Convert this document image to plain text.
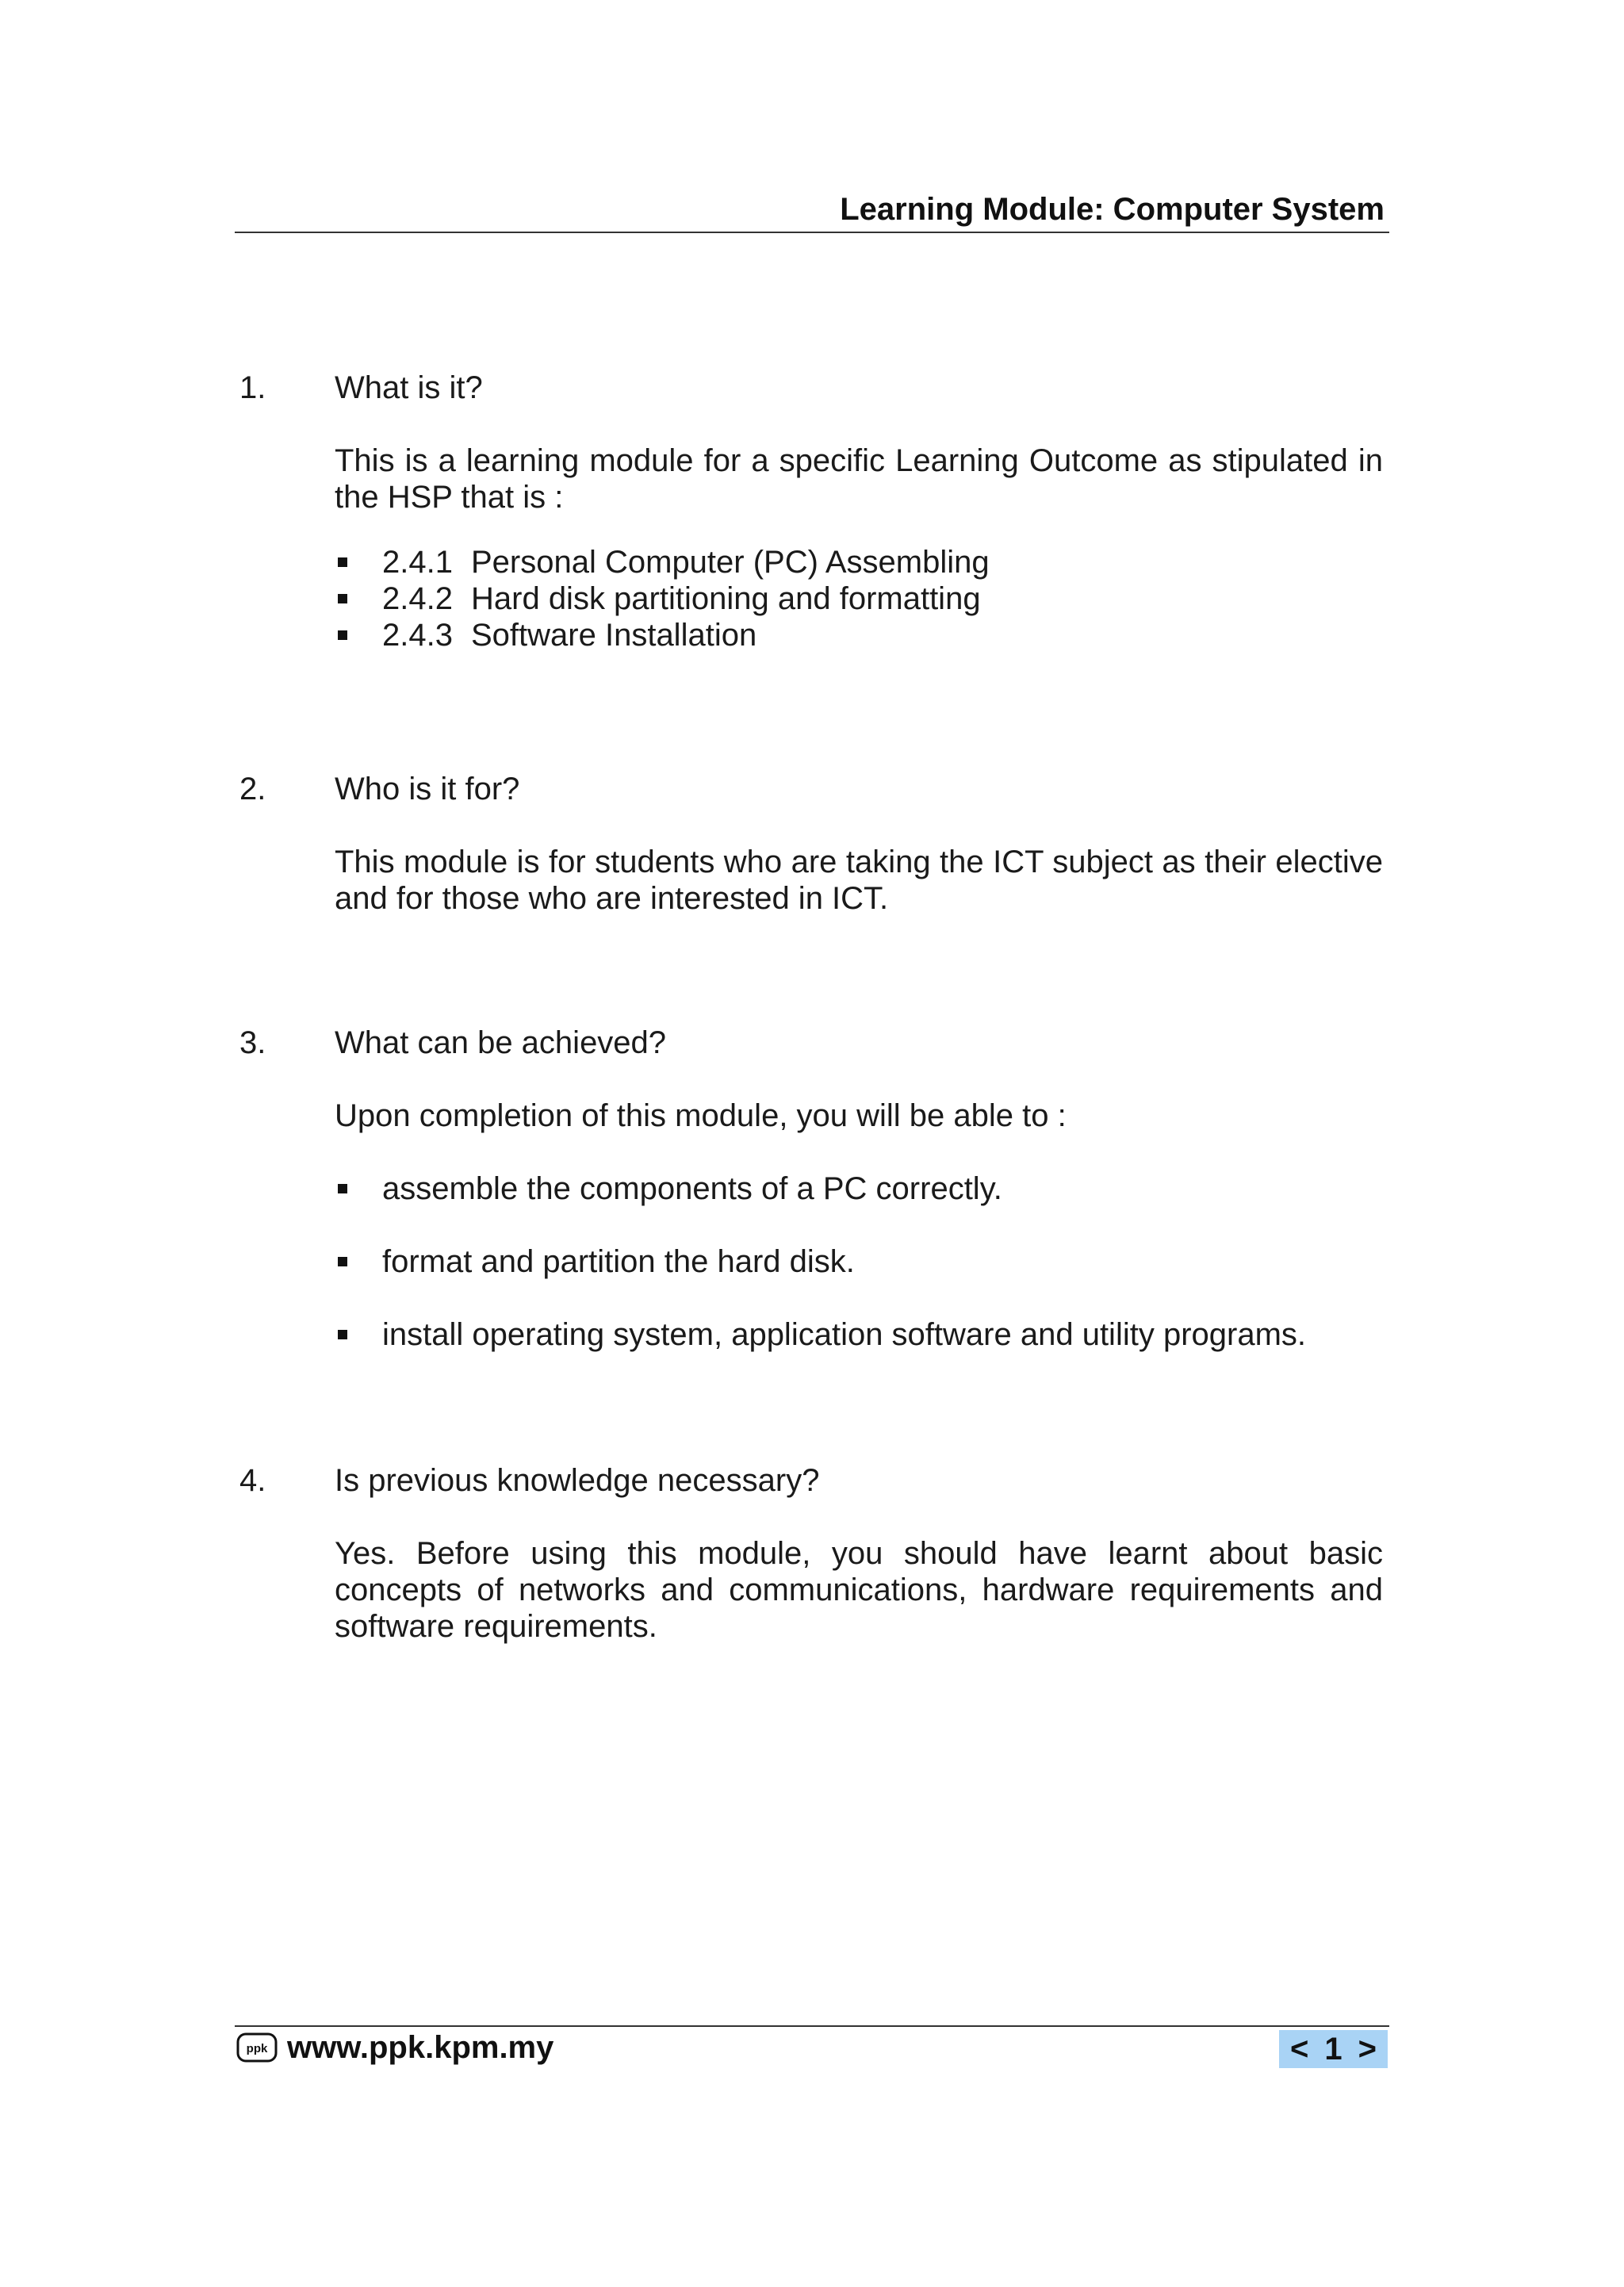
Learning Module: Computer System
1. What is it?
This is a learning module for a specific Learning Outcome as stipulated in the HSP that is :
2.4.1 Personal Computer (PC) Assembling
2.4.2 Hard disk partitioning and formatting
2.4.3 Software Installation
2. Who is it for?
This module is for students who are taking the ICT subject as their elective and for those who are interested in ICT.
3. What can be achieved?
Upon completion of this module, you will be able to :
assemble the components of a PC correctly.
format and partition the hard disk.
install operating system, application software and utility programs.
4. Is previous knowledge necessary?
Yes. Before using this module, you should have learnt about basic concepts of networks and communications, hardware requirements and software requirements.
ppk www.ppk.kpm.my	< 1 >
